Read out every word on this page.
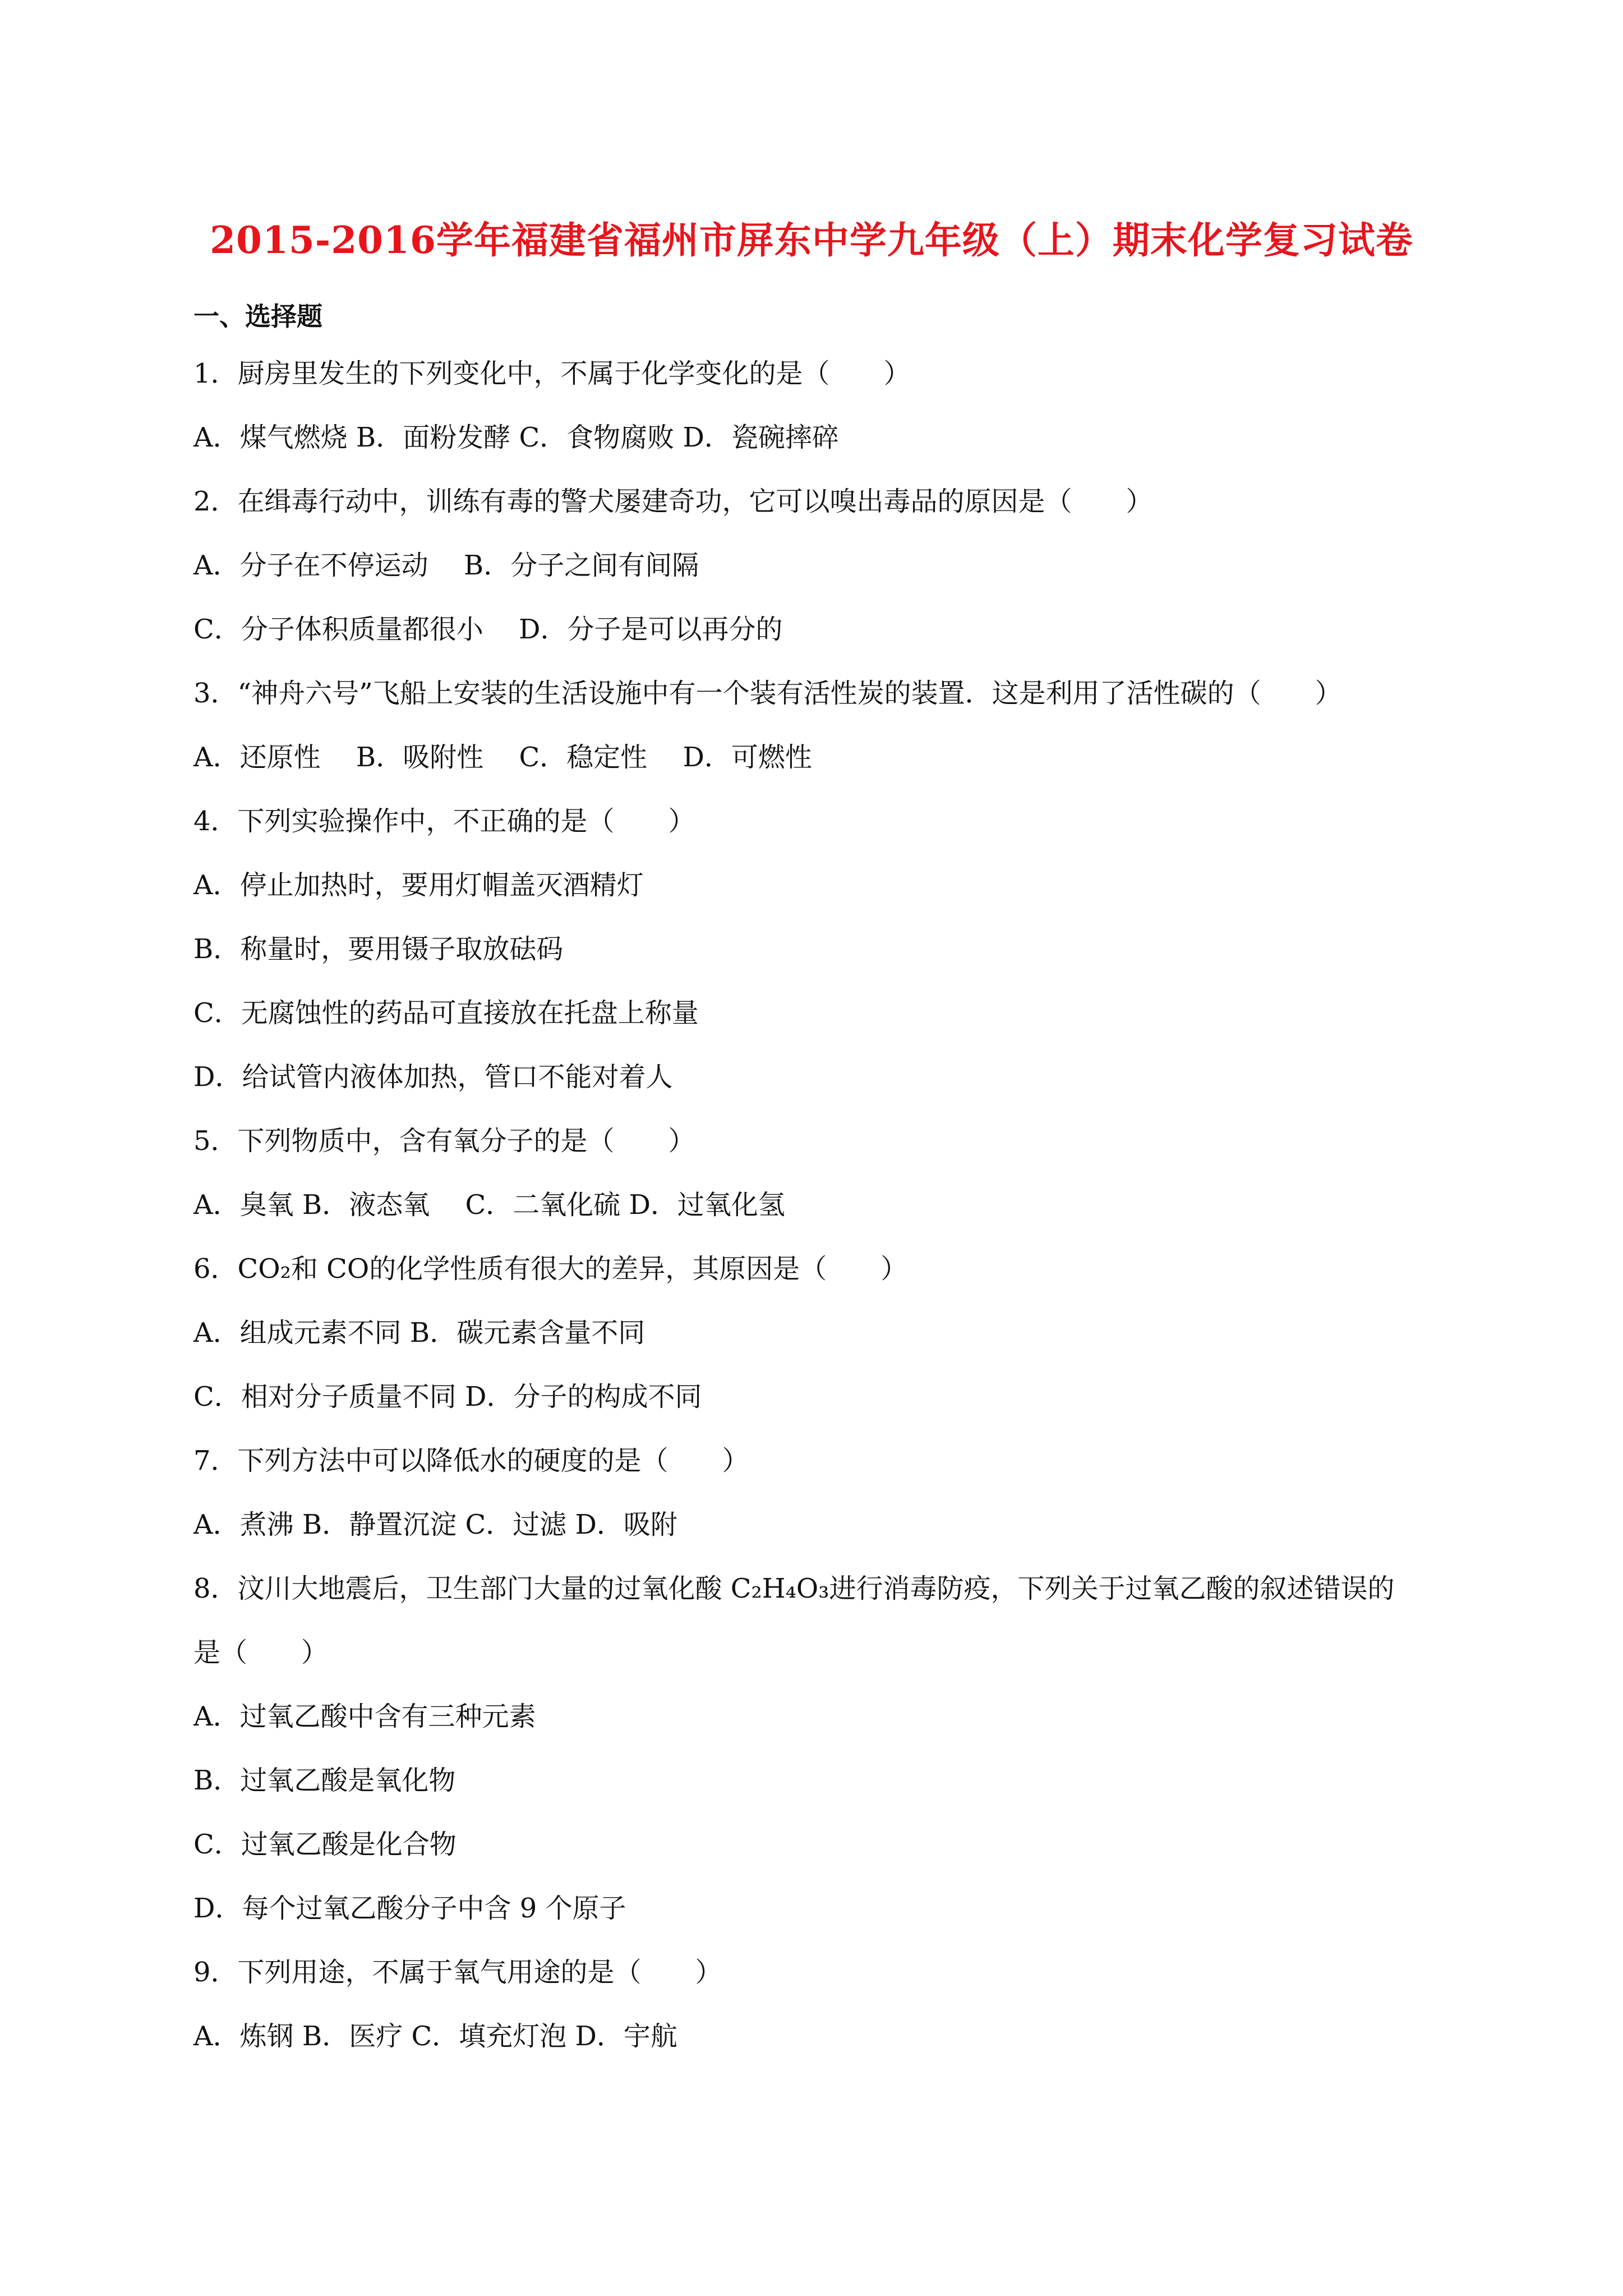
2015-2016学年福建省福州市屏东中学九年级（上）期末化学复习试卷
一、选择题
1．厨房里发生的下列变化中，不属于化学变化的是（　　）
A．煤气燃烧 B．面粉发酵 C．食物腐败 D．瓷碗摔碎
2．在缉毒行动中，训练有毒的警犬屡建奇功，它可以嗅出毒品的原因是（　　）
A．分子在不停运动　 B．分子之间有间隔
C．分子体积质量都很小　 D．分子是可以再分的
3．“神舟六号”飞船上安装的生活设施中有一个装有活性炭的装置．这是利用了活性碳的（　　）
A．还原性　 B．吸附性　 C．稳定性　 D．可燃性
4．下列实验操作中，不正确的是（　　）
A．停止加热时，要用灯帽盖灭酒精灯
B．称量时，要用镊子取放砝码
C．无腐蚀性的药品可直接放在托盘上称量
D．给试管内液体加热，管口不能对着人
5．下列物质中，含有氧分子的是（　　）
A．臭氧 B．液态氧　 C．二氧化硫 D．过氧化氢
6．CO₂和 CO的化学性质有很大的差异，其原因是（　　）
A．组成元素不同 B．碳元素含量不同
C．相对分子质量不同 D．分子的构成不同
7．下列方法中可以降低水的硬度的是（　　）
A．煮沸 B．静置沉淀 C．过滤 D．吸附
8．汶川大地震后，卫生部门大量的过氧化酸 C₂H₄O₃进行消毒防疫，下列关于过氧乙酸的叙述错误的
是（　　）
A．过氧乙酸中含有三种元素
B．过氧乙酸是氧化物
C．过氧乙酸是化合物
D．每个过氧乙酸分子中含 9 个原子
9．下列用途，不属于氧气用途的是（　　）
A．炼钢 B．医疗 C．填充灯泡 D．宇航
